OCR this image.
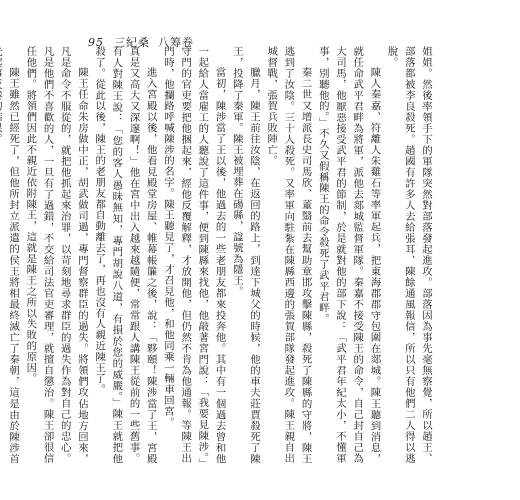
95 三紀桑 八筹卷

姐姐。然後率領手下的軍隊突然對部落發起進攻。部落因為事先毫無察覺，所以趙王、部落都被李良殺死。趙國有許多人去給張耳、陳餘通風報信，所以只有他們二人得以逃脫。

陳人秦嘉、符離人朱雞石等率軍起兵，把東海郡郡守包圍在郯城。陳王聽到消息，就任命武平君畔為將軍，派他去郯城監督軍隊。秦嘉不接受陳王的命令，自己封自己為大司馬，他厭惡接受武平君的節制，於是就對他的部下說：「武平君年紀太小，不懂軍事，別聽他的。」不久又假稱陳王的命令殺死了武平君畔。

秦二世又增派長史司馬欣、董翳前去幫助章邯攻擊陳縣，殺死了陳縣的守將，陳王逃到了汝陰。三十人殺死。又率軍向駐紮在陳縣西邊的張賀部隊發起進攻。陳王親自出城督戰，張賀兵敗陣亡。

臘月，陳王前往汝陰，在返回的路上，到達下城父的時候，他的車夫莊賈殺死了陳王，投降了秦軍。陳王被埋葬在碭縣，諡號為隱王。

當初，陳涉當了王以後，他過去的一些老朋友都來投奔他。其中有一個過去曾和他一起給人當雇工的人聽說了這件事，便到陳縣來找他，他敲著宮門說：「我要見陳涉。」守門的官吏要把他捆起來，經他反覆解釋，才放開他，但仍然不肯為他通報。等陳王出門時，他攔路呼喊陳涉的名字。陳王聽見了，才召見他，和他同乘一輛車回宮。

進入宮殿以後，他看見殿堂房屋、帷幕帳簾之後，說：「夥頤！陳涉當了王，宮殿真是又高大又深邃啊！」他在宮中出入越來越隨便，常常跟人講陳王從前的一些舊事。有人對陳王說：「您的客人愚昧無知，專門胡說八道，有損於您的威嚴。」陳王就把他殺了。從此以後，陳王的老朋友都自動離去了，再也沒有人親近陳王了。

陳王任命朱房做中正，胡武做司過，專門督察群臣的過失。將領們攻佔地方回來，凡是命令不服從的，就把他抓起來治罪，以苛刻地尋求群臣的過失作為對自己的忠心。凡是他們不喜歡的人，一旦有了過錯，不交給司法官吏審理，就擅自懲治。陳王卻很信任他們。將領們因此不親近依附陳王，這就是陳王之所以失敗的原因。

陳王雖然已經死了，但他所封立派遣的侯王將相最終滅亡了秦朝，這是由於陳涉首
